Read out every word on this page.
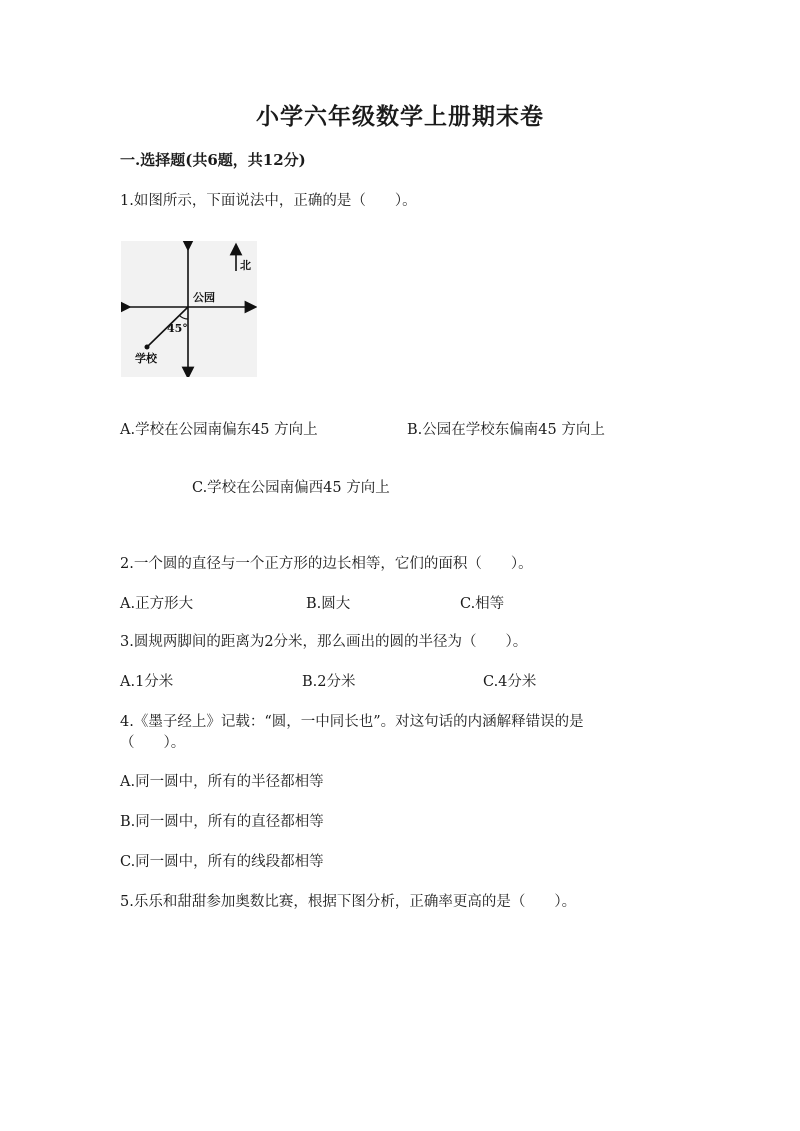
小学六年级数学上册期末卷
一.选择题(共6题，共12分)
1.如图所示，下面说法中，正确的是（　　）。
北
公园
45°
学校
A.学校在公园南偏东45 方向上	B.公园在学校东偏南45 方向上
C.学校在公园南偏西45 方向上
2.一个圆的直径与一个正方形的边长相等，它们的面积（　　）。
A.正方形大	B.圆大	C.相等
3.圆规两脚间的距离为2分米，那么画出的圆的半径为（　　）。
A.1分米	B.2分米	C.4分米
4.《墨子经上》记载：“圆，一中同长也”。对这句话的内涵解释错误的是
（　　）。
A.同一圆中，所有的半径都相等
B.同一圆中，所有的直径都相等
C.同一圆中，所有的线段都相等
5.乐乐和甜甜参加奥数比赛，根据下图分析，正确率更高的是（　　）。
